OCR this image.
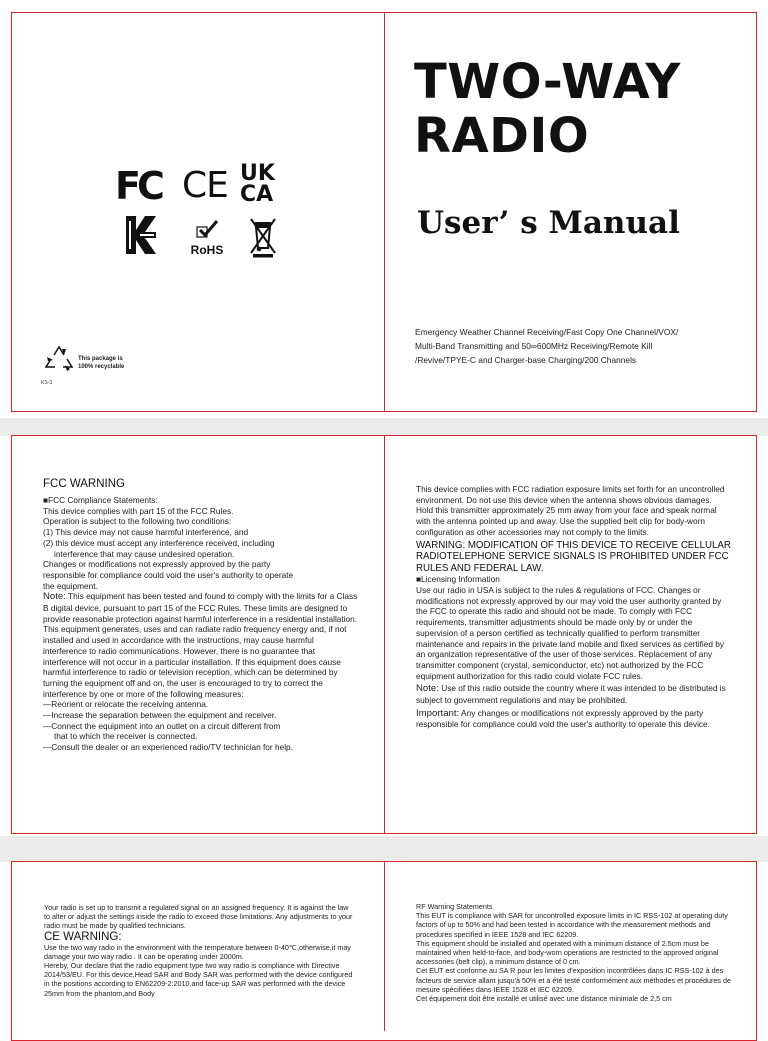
FC CE UK
CA
RoHS
This package is
100% recyclable
KS-3
TWO-WAY
RADIO
User’ s Manual
Emergency Weather Channel Receiving/Fast Copy One Channel/VOX/
Multi-Band Transmitting and 50∞600MHz Receiving/Remote Kill
/Revive/TPYE-C and Charger-base Charging/200 Channels
FCC WARNING
■FCC Compliance Statements:
This device complies with part 15 of the FCC Rules.
Operation is subject to the following two conditions:
(1) This device may not cause harmful interference, and
(2) this device must accept any interference received, including
interference that may cause undesired operation.
Changes or modifications not expressly approved by the party
responsible for compliance could void the user's authority to operate
the equipment.

Note: This equipment has been tested and found to comply with the limits for a Class B digital device, pursuant to part 15 of the FCC Rules. These limits are designed to provide reasonable protection against harmful interference in a residential installation. This equipment generates, uses and can radiate radio frequency energy and, if not installed and used in accordance with the instructions, may cause harmful interference to radio communications. However, there is no guarantee that interference will not occur in a particular installation. If this equipment does cause harmful interference to radio or television reception, which can be determined by turning the equipment off and on, the user is encouraged to try to correct the interference by one or more of the following measures:

—Reorient or relocate the receiving antenna.
—Increase the separation between the equipment and receiver.
—Connect the equipment into an outlet on a circuit different from
that to which the receiver is connected.
—Consult the dealer or an experienced radio/TV technician for help.

This device complies with FCC radiation exposure limits set forth for an uncontrolled environment. Do not use this device when the antenna shows obvious damages.

Hold this transmitter approximately 25 mm away from your face and speak normal with the antenna pointed up and away. Use the supplied belt clip for body-worn configuration as other accessories may not comply to the limits.

WARNING: MODIFICATION OF THIS DEVICE TO RECEIVE CELLULAR RADIOTELEPHONE SERVICE SIGNALS IS PROHIBITED UNDER FCC RULES AND FEDERAL LAW.

■Licensing Information

Use our radio in USA is subject to the rules & regulations of FCC. Changes or modifications not expressly approved by our may void the user authority granted by the FCC to operate this radio and should not be made. To comply with FCC requirements, transmitter adjustments should be made only by or under the supervision of a person certified as technically qualified to perform transmitter maintenance and repairs in the private land mobile and fixed services as certified by an organization representative of the user of those services. Replacement of any transmitter component (crystal, semiconductor, etc) not authorized by the FCC equipment authorization for this radio could violate FCC rules.

Note: Use of this radio outside the country where it was intended to be distributed is subject to government regulations and may be prohibited.

Important: Any changes or modifications not expressly approved by the party responsible for compliance could void the user's authority to operate this device.

Your radio is set up to transmit a regulated signal on an assigned frequency. It is against the law to alter or adjust the settings inside the radio to exceed those limitations. Any adjustments to your radio must be made by qualified technicians.

CE WARNING:

Use the two way radio in the environment with the temperature between 0-40℃,otherwise,it may damage your two way radio . It can be operating under 2000m.

Hereby, Our declare that the radio equipment type two way radio is compliance with Directive 2014/53/EU. For this device,Head SAR and Body SAR was performed with the device configured in the positions according to EN62209-2:2010,and face-up SAR was performed with the device 25mm from the phantom,and Body

RF Warning Statements

This EUT is compliance with SAR for uncontrolled exposure limits in IC RSS-102 at operating duty factors of up to 50% and had been tested in accordance with the measurement methods and procedures specified in IEEE 1528 and IEC 62209.

This equipment should be installed and operated with a minimum distance of 2.5cm must be maintained when held-to-face, and body-worn operations are restricted to the approved original accessories (belt clip), a minimum distance of 0 cm.

Cet EUT est conforme au SA R pour les limites d'exposition incontrôlées dans IC RSS-102 à des facteurs de service allant jusqu'à 50% et a été testé conformément aux méthodes et procédures de mesure spécifiées dans IEEE 1528 et IEC 62209.

Cet équipement doit être installé et utilisé avec une distance minimale de 2,5 cm
